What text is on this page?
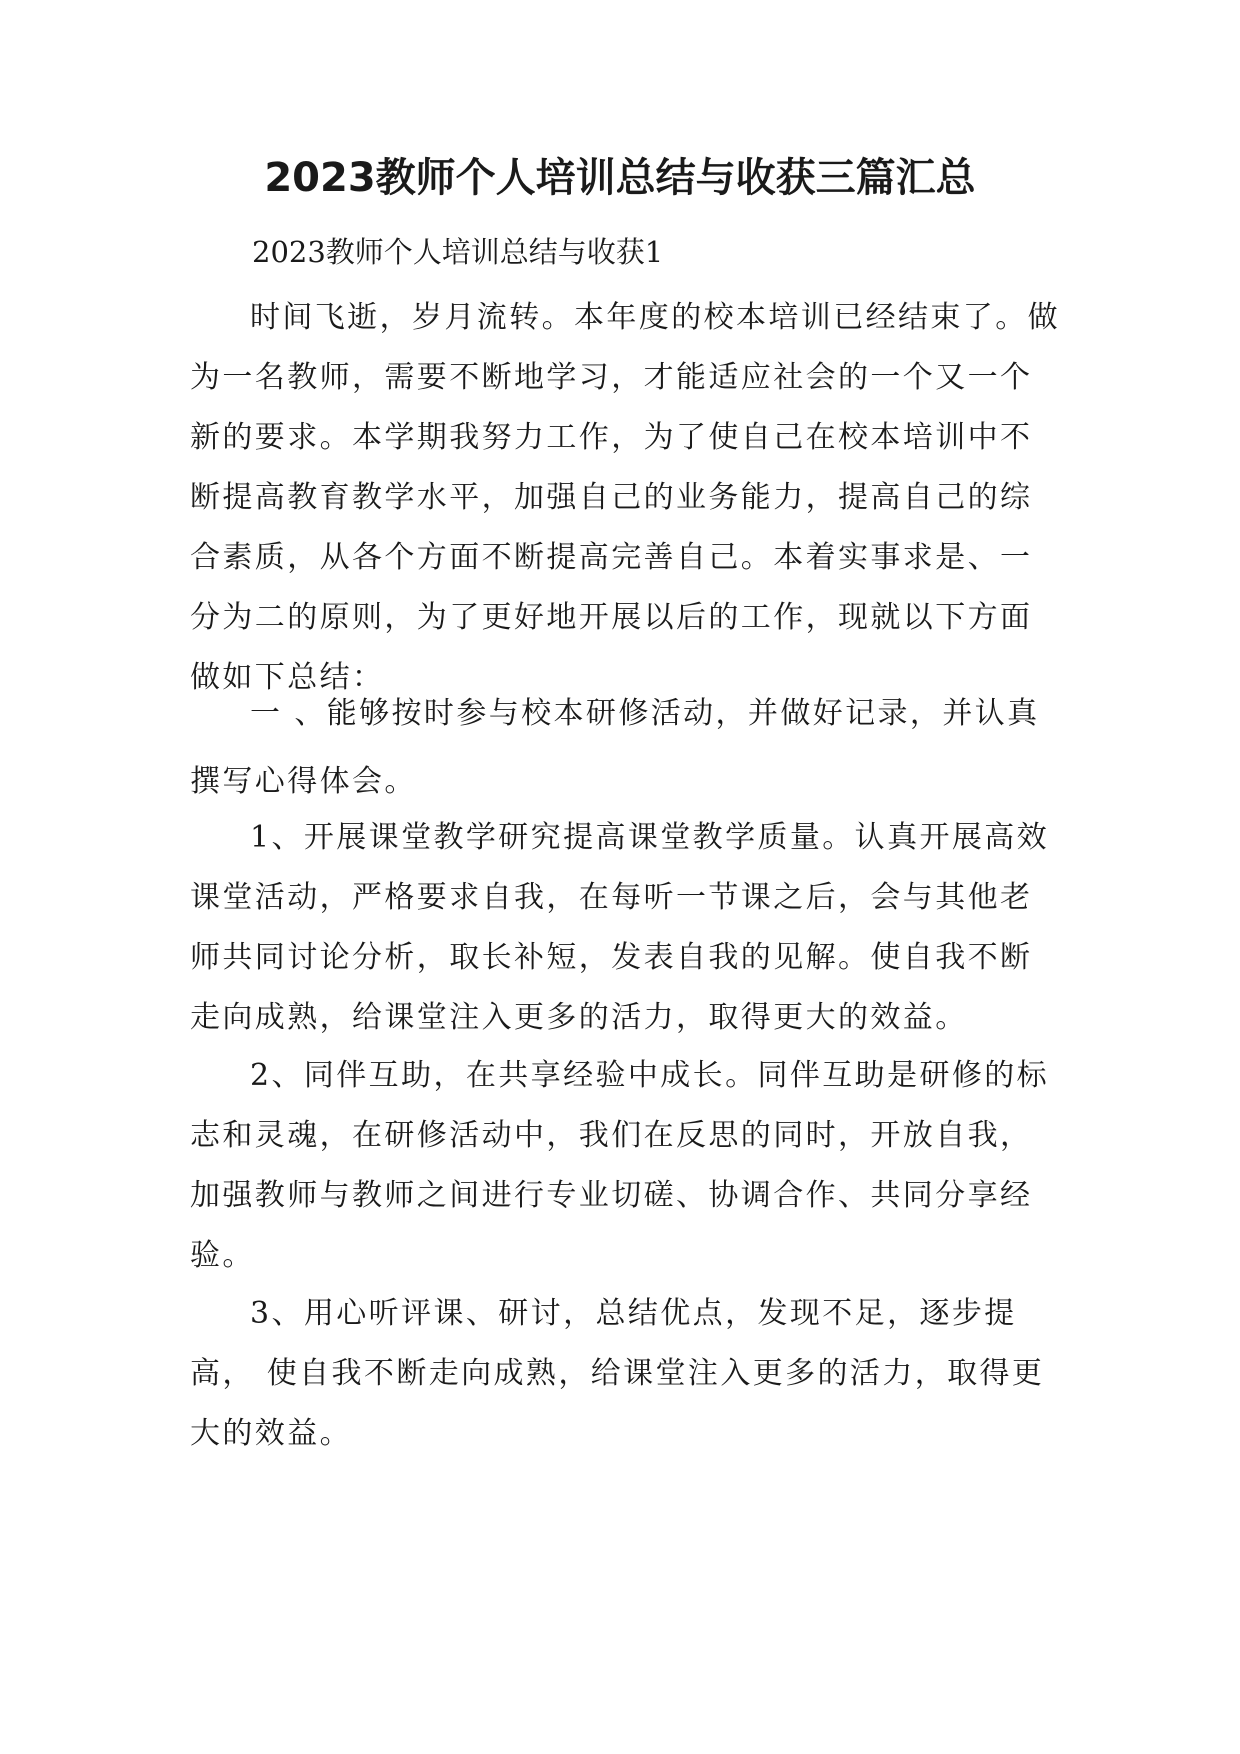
2023教师个人培训总结与收获三篇汇总
2023教师个人培训总结与收获1

时间飞逝，岁月流转。本年度的校本培训已经结束了。做为一名教师，需要不断地学习，才能适应社会的一个又一个新的要求。本学期我努力工作，为了使自己在校本培训中不断提高教育教学水平，加强自己的业务能力，提高自己的综合素质，从各个方面不断提高完善自己。本着实事求是、一分为二的原则，为了更好地开展以后的工作，现就以下方面做如下总结：

一 、能够按时参与校本研修活动，并做好记录，并认真撰写心得体会。

1、开展课堂教学研究提高课堂教学质量。认真开展高效课堂活动，严格要求自我，在每听一节课之后，会与其他老师共同讨论分析，取长补短，发表自我的见解。使自我不断走向成熟，给课堂注入更多的活力，取得更大的效益。

2、同伴互助，在共享经验中成长。同伴互助是研修的标志和灵魂，在研修活动中，我们在反思的同时，开放自我，加强教师与教师之间进行专业切磋、协调合作、共同分享经验。

3、用心听评课、研讨，总结优点，发现不足，逐步提高， 使自我不断走向成熟，给课堂注入更多的活力，取得更大的效益。
